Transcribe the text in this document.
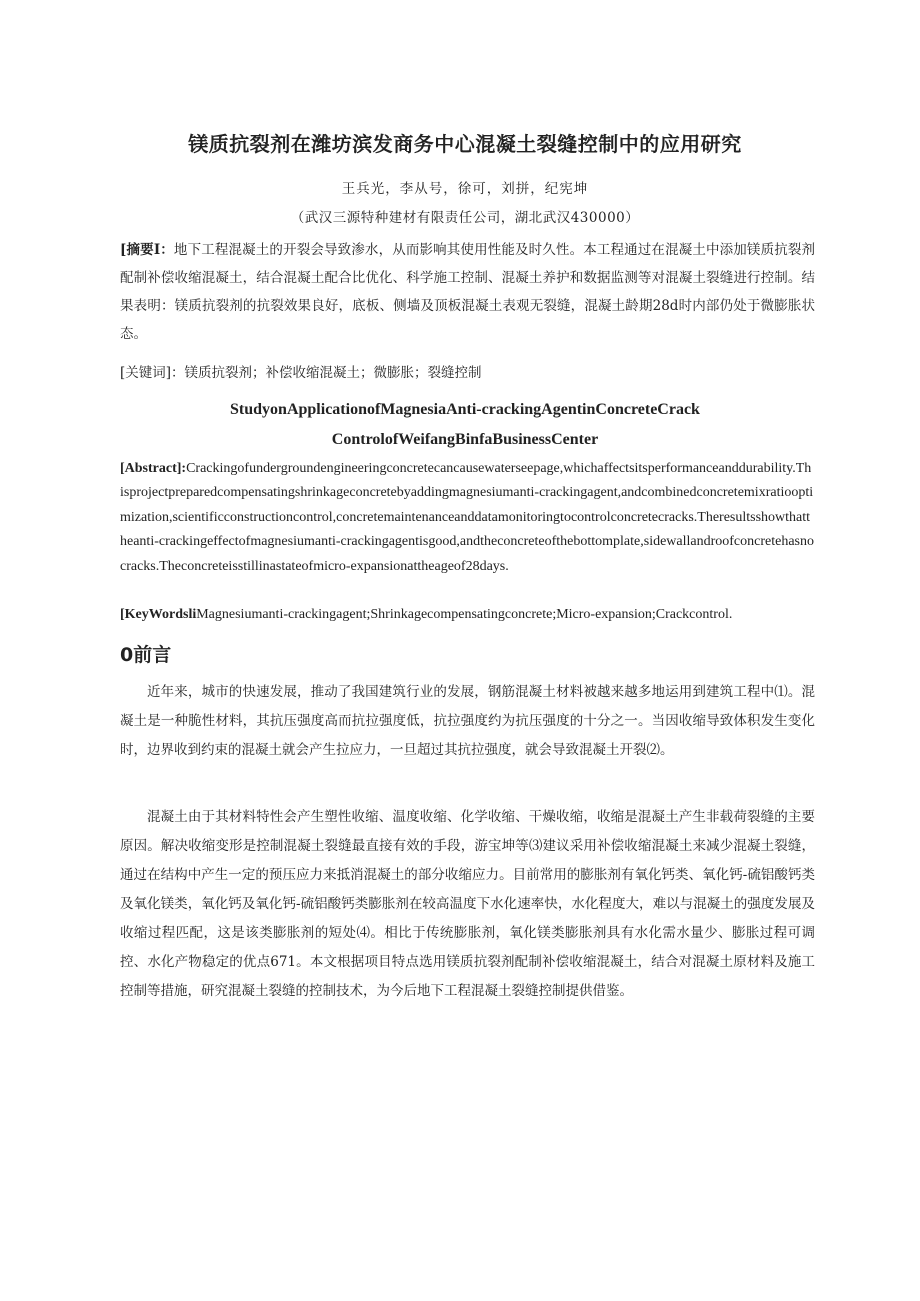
镁质抗裂剂在潍坊滨发商务中心混凝土裂缝控制中的应用研究
王兵光，李从号，徐可，刘拼，纪宪坤
（武汉三源特种建材有限责任公司，湖北武汉430000）

[摘要I：地下工程混凝土的开裂会导致渗水，从而影响其使用性能及时久性。本工程通过在混凝土中添加镁质抗裂剂配制补偿收缩混凝土，结合混凝土配合比优化、科学施工控制、混凝土养护和数据监测等对混凝土裂缝进行控制。结果表明：镁质抗裂剂的抗裂效果良好，底板、侧墙及顶板混凝土表观无裂缝，混凝土龄期28d时内部仍处于微膨胀状态。

[关键词]：镁质抗裂剂；补偿收缩混凝土；微膨胀；裂缝控制

StudyonApplicationofMagnesiaAnti-crackingAgentinConcreteCrack
ControlofWeifangBinfaBusinessCenter

[Abstract]:Crackingofundergroundengineeringconcretecancausewaterseepage,whichaffectsitsperformanceanddurability.Thisprojectpreparedcompensatingshrinkageconcretebyaddingmagnesiumanti-crackingagent,andcombinedconcretemixratiooptimization,scientificconstructioncontrol,concretemaintenanceanddatamonitoringtocontrolconcretecracks.Theresultsshowthattheanti-crackingeffectofmagnesiumanti-crackingagentisgood,andtheconcreteofthebottomplate,sidewallandroofconcretehasnocracks.Theconcreteisstillinastateofmicro-expansionattheageof28days.

[KeyWordsliMagnesiumanti-crackingagent;Shrinkagecompensatingconcrete;Micro-expansion;Crackcontrol.

0前言

近年来，城市的快速发展，推动了我国建筑行业的发展，钢筋混凝土材料被越来越多地运用到建筑工程中⑴。混凝土是一种脆性材料，其抗压强度高而抗拉强度低，抗拉强度约为抗压强度的十分之一。当因收缩导致体积发生变化时，边界收到约束的混凝土就会产生拉应力，一旦超过其抗拉强度，就会导致混凝土开裂⑵。

混凝土由于其材料特性会产生塑性收缩、温度收缩、化学收缩、干燥收缩，收缩是混凝土产生非载荷裂缝的主要原因。解决收缩变形是控制混凝土裂缝最直接有效的手段，游宝坤等⑶建议采用补偿收缩混凝土来减少混凝土裂缝，通过在结构中产生一定的预压应力来抵消混凝土的部分收缩应力。目前常用的膨胀剂有氧化钙类、氧化钙-硫铝酸钙类及氧化镁类，氧化钙及氧化钙-硫铝酸钙类膨胀剂在较高温度下水化速率快，水化程度大，难以与混凝土的强度发展及收缩过程匹配，这是该类膨胀剂的短处⑷。相比于传统膨胀剂，氧化镁类膨胀剂具有水化需水量少、膨胀过程可调控、水化产物稳定的优点671。本文根据项目特点选用镁质抗裂剂配制补偿收缩混凝土，结合对混凝土原材料及施工控制等措施，研究混凝土裂缝的控制技术，为今后地下工程混凝土裂缝控制提供借鉴。
